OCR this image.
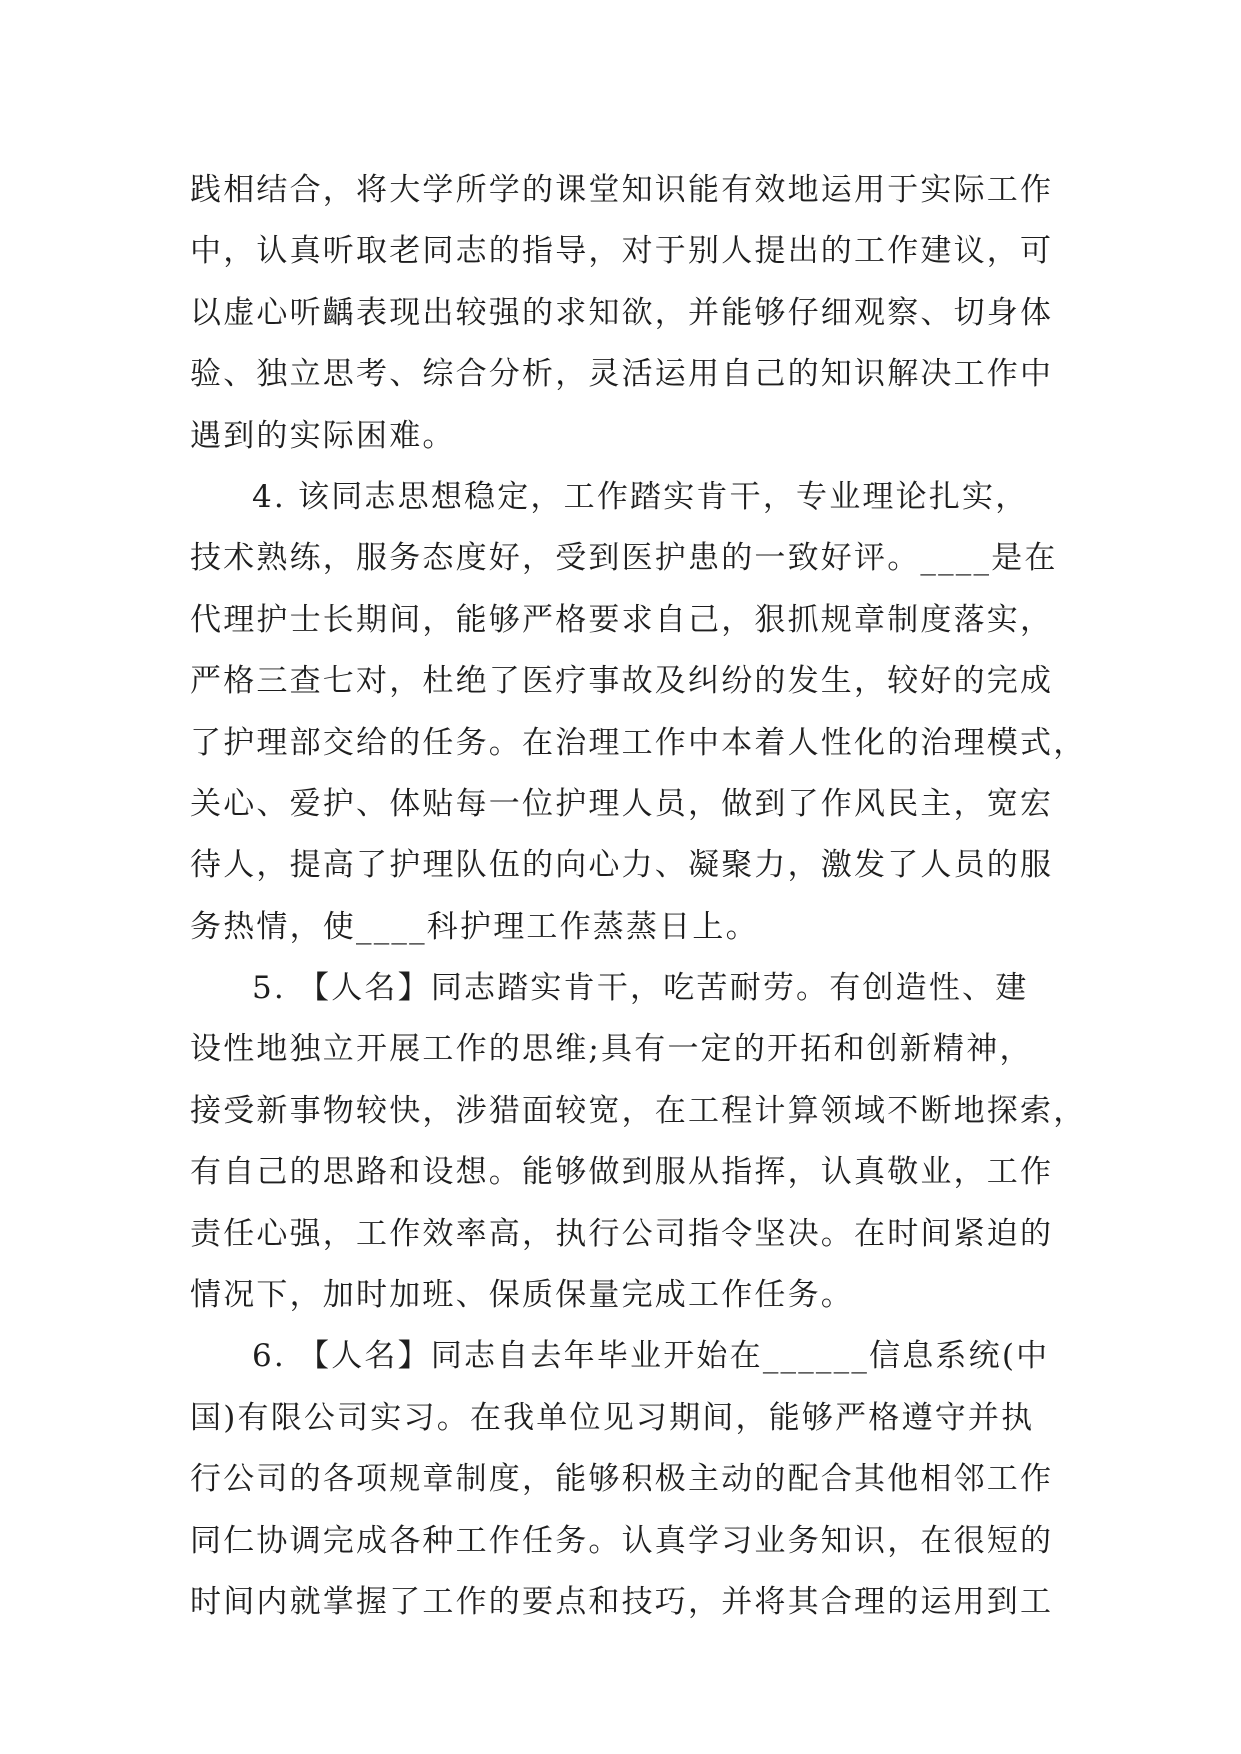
践相结合，将大学所学的课堂知识能有效地运用于实际工作
中，认真听取老同志的指导，对于别人提出的工作建议，可
以虚心听齲表现出较强的求知欲，并能够仔细观察、切身体
验、独立思考、综合分析，灵活运用自己的知识解决工作中
遇到的实际困难。
4. 该同志思想稳定，工作踏实肯干，专业理论扎实，
技术熟练，服务态度好，受到医护患的一致好评。____是在
代理护士长期间，能够严格要求自己，狠抓规章制度落实，
严格三查七对，杜绝了医疗事故及纠纷的发生，较好的完成
了护理部交给的任务。在治理工作中本着人性化的治理模式，
关心、爱护、体贴每一位护理人员，做到了作风民主，宽宏
待人，提高了护理队伍的向心力、凝聚力，激发了人员的服
务热情，使____科护理工作蒸蒸日上。
5. 【人名】同志踏实肯干，吃苦耐劳。有创造性、建
设性地独立开展工作的思维;具有一定的开拓和创新精神，
接受新事物较快，涉猎面较宽，在工程计算领域不断地探索，
有自己的思路和设想。能够做到服从指挥，认真敬业，工作
责任心强，工作效率高，执行公司指令坚决。在时间紧迫的
情况下，加时加班、保质保量完成工作任务。
6. 【人名】同志自去年毕业开始在______信息系统(中
国)有限公司实习。在我单位见习期间，能够严格遵守并执
行公司的各项规章制度，能够积极主动的配合其他相邻工作
同仁协调完成各种工作任务。认真学习业务知识，在很短的
时间内就掌握了工作的要点和技巧，并将其合理的运用到工
